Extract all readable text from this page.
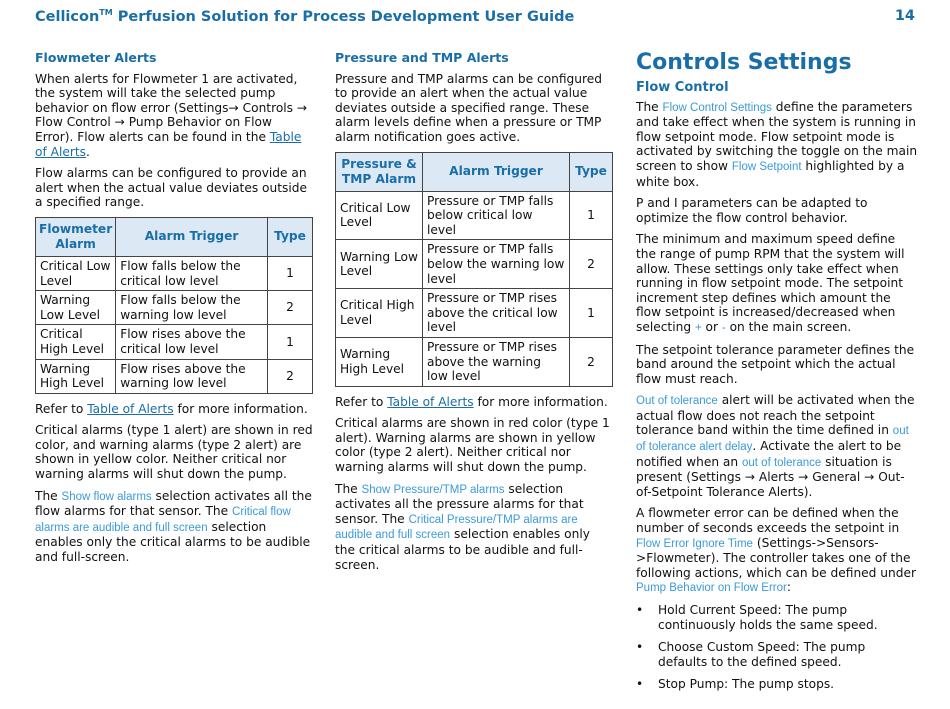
Cellicon™ Perfusion Solution for Process Development User Guide	14
Flowmeter Alerts

When alerts for Flowmeter 1 are activated, the system will take the selected pump behavior on flow error (Settings→ Controls → Flow Control → Pump Behavior on Flow Error). Flow alerts can be found in the Table of Alerts.

Flow alarms can be configured to provide an alert when the actual value deviates outside a specified range.

Flowmeter Alarm	Alarm Trigger	Type
Critical Low Level	Flow falls below the critical low level	1
Warning Low Level	Flow falls below the warning low level	2
Critical High Level	Flow rises above the critical low level	1
Warning High Level	Flow rises above the warning low level	2

Refer to Table of Alerts for more information.

Critical alarms (type 1 alert) are shown in red color, and warning alarms (type 2 alert) are shown in yellow color. Neither critical nor warning alarms will shut down the pump.

The Show flow alarms selection activates all the flow alarms for that sensor. The Critical flow alarms are audible and full screen selection enables only the critical alarms to be audible and full-screen.

Pressure and TMP Alerts

Pressure and TMP alarms can be configured to provide an alert when the actual value deviates outside a specified range. These alarm levels define when a pressure or TMP alarm notification goes active.

Pressure & TMP Alarm	Alarm Trigger	Type
Critical Low Level	Pressure or TMP falls below critical low level	1
Warning Low Level	Pressure or TMP falls below the warning low level	2
Critical High Level	Pressure or TMP rises above the critical low level	1
Warning High Level	Pressure or TMP rises above the warning low level	2

Refer to Table of Alerts for more information.

Critical alarms are shown in red color (type 1 alert). Warning alarms are shown in yellow color (type 2 alert). Neither critical nor warning alarms will shut down the pump.

The Show Pressure/TMP alarms selection activates all the pressure alarms for that sensor. The Critical Pressure/TMP alarms are audible and full screen selection enables only the critical alarms to be audible and full-screen.

Controls Settings
Flow Control

The Flow Control Settings define the parameters and take effect when the system is running in flow setpoint mode. Flow setpoint mode is activated by switching the toggle on the main screen to show Flow Setpoint highlighted by a white box.

P and I parameters can be adapted to optimize the flow control behavior.

The minimum and maximum speed define the range of pump RPM that the system will allow. These settings only take effect when running in flow setpoint mode. The setpoint increment step defines which amount the flow setpoint is increased/decreased when selecting + or - on the main screen.

The setpoint tolerance parameter defines the band around the setpoint which the actual flow must reach.

Out of tolerance alert will be activated when the actual flow does not reach the setpoint tolerance band within the time defined in out of tolerance alert delay. Activate the alert to be notified when an out of tolerance situation is present (Settings → Alerts → General → Out-of-Setpoint Tolerance Alerts).

A flowmeter error can be defined when the number of seconds exceeds the setpoint in Flow Error Ignore Time (Settings->Sensors->Flowmeter). The controller takes one of the following actions, which can be defined under Pump Behavior on Flow Error:

• Hold Current Speed: The pump continuously holds the same speed.
• Choose Custom Speed: The pump defaults to the defined speed.
• Stop Pump: The pump stops.
